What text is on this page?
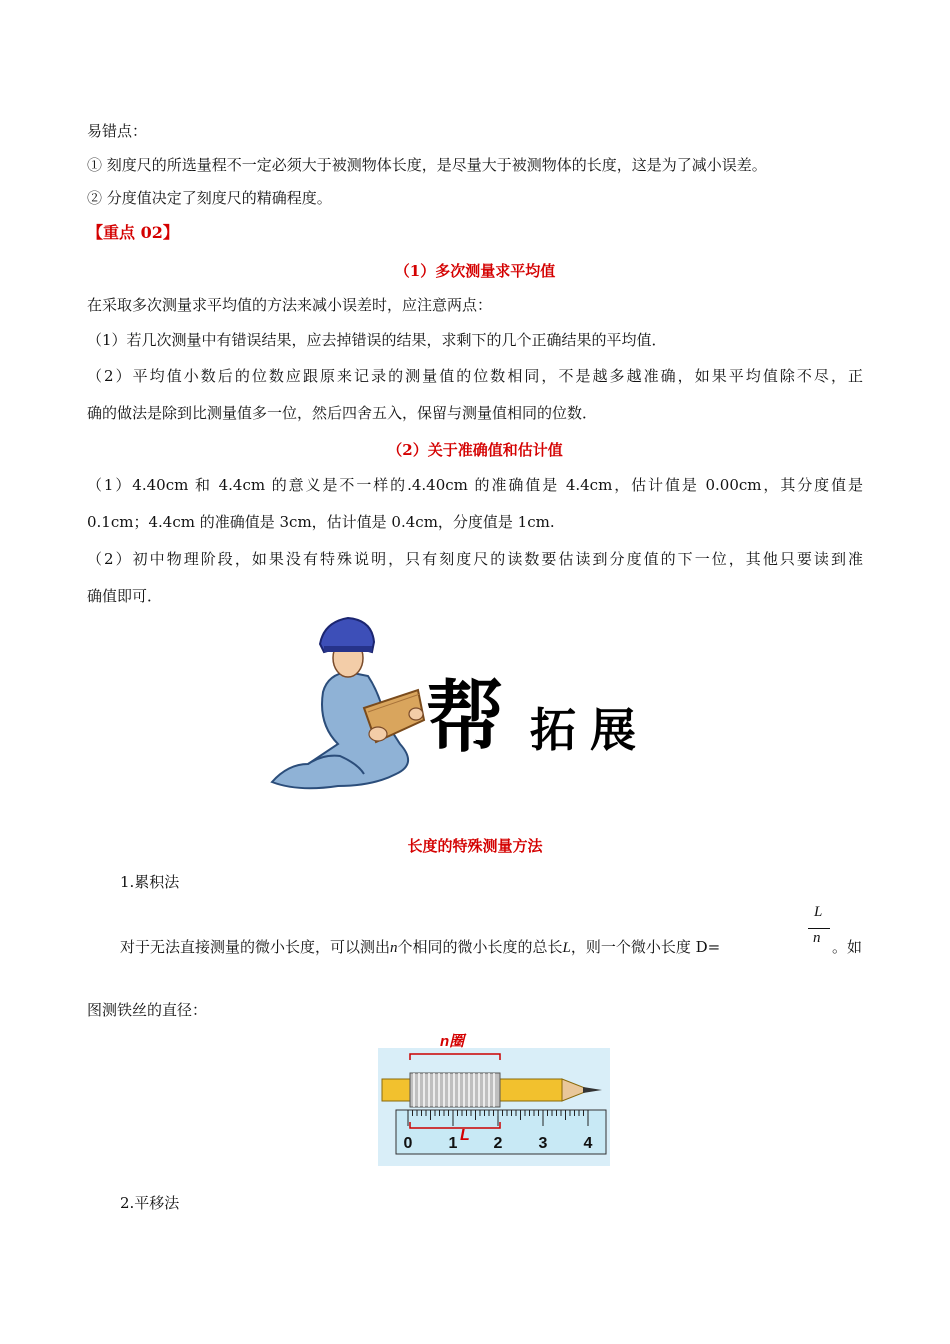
易错点：
① 刻度尺的所选量程不一定必须大于被测物体长度，是尽量大于被测物体的长度，这是为了减小误差。
② 分度值决定了刻度尺的精确程度。
【重点 02】
（1）多次测量求平均值
在采取多次测量求平均值的方法来减小误差时，应注意两点：
（1）若几次测量中有错误结果，应去掉错误的结果，求剩下的几个正确结果的平均值．
（2）平均值小数后的位数应跟原来记录的测量值的位数相同，不是越多越准确，如果平均值除不尽，正
确的做法是除到比测量值多一位，然后四舍五入，保留与测量值相同的位数．
（2）关于准确值和估计值
（1）4.40cm 和 4.4cm 的意义是不一样的.4.40cm 的准确值是 4.4cm，估计值是 0.00cm，其分度值是
0.1cm；4.4cm 的准确值是 3cm，估计值是 0.4cm，分度值是 1cm.
（2）初中物理阶段，如果没有特殊说明，只有刻度尺的读数要估读到分度值的下一位，其他只要读到准
确值即可．
帮 拓 展
长度的特殊测量方法
1.累积法
对于无法直接测量的微小长度，可以测出n个相同的微小长度的总长L，则一个微小长度 D=
L
n 。如
图测铁丝的直径：
n圈
L
0 1 2 3 4
2.平移法
